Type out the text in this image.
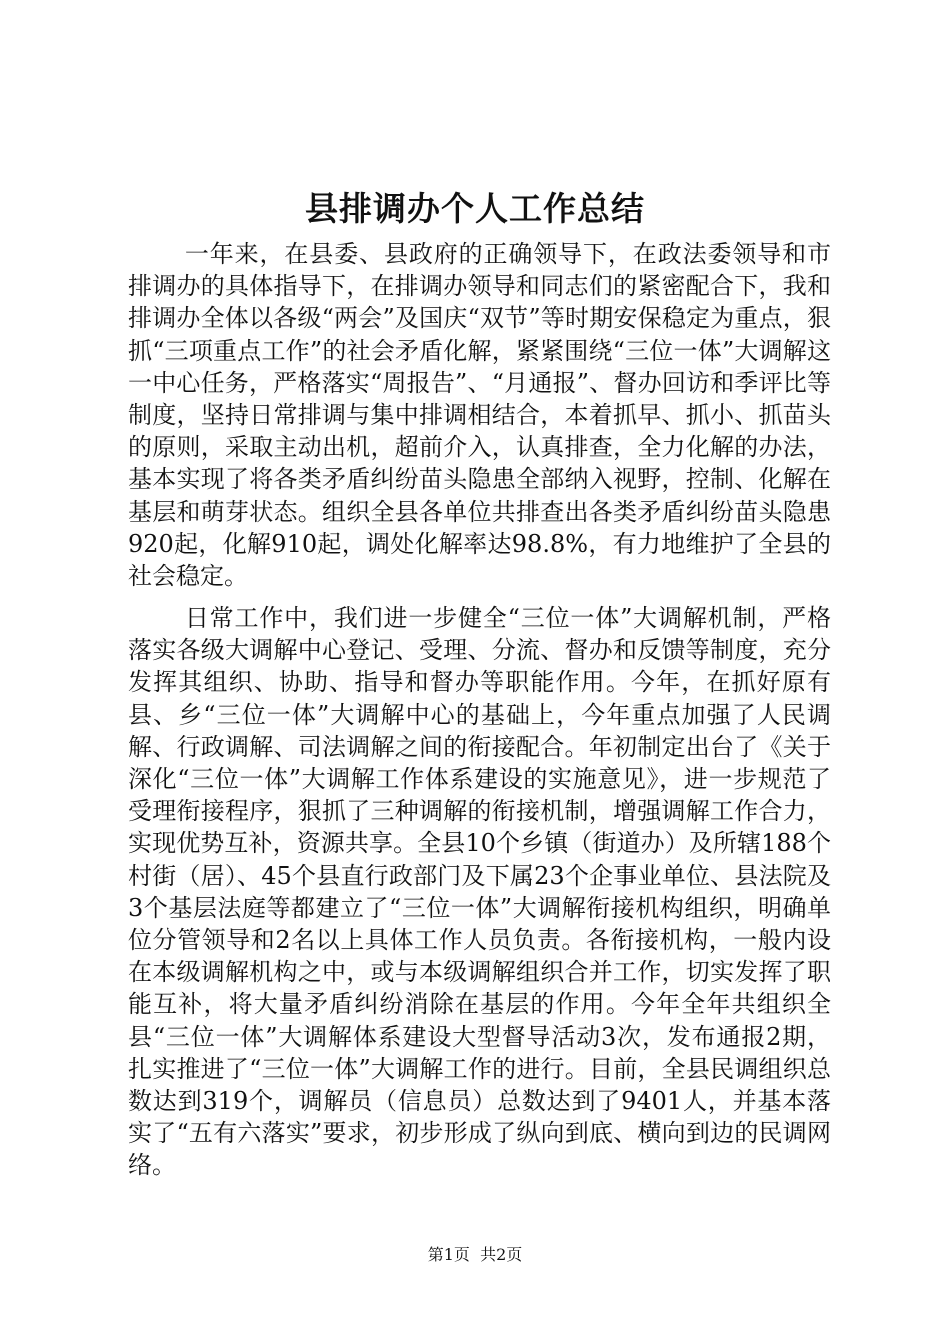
县排调办个人工作总结

一年来，在县委、县政府的正确领导下，在政法委领导和市排调办的具体指导下，在排调办领导和同志们的紧密配合下，我和排调办全体以各级“两会”及国庆“双节”等时期安保稳定为重点，狠抓“三项重点工作”的社会矛盾化解，紧紧围绕“三位一体”大调解这一中心任务，严格落实“周报告”、“月通报”、督办回访和季评比等制度，坚持日常排调与集中排调相结合，本着抓早、抓小、抓苗头的原则，采取主动出机，超前介入，认真排查，全力化解的办法，基本实现了将各类矛盾纠纷苗头隐患全部纳入视野，控制、化解在基层和萌芽状态。组织全县各单位共排查出各类矛盾纠纷苗头隐患920起，化解910起，调处化解率达98.8%，有力地维护了全县的社会稳定。

日常工作中，我们进一步健全“三位一体”大调解机制，严格落实各级大调解中心登记、受理、分流、督办和反馈等制度，充分发挥其组织、协助、指导和督办等职能作用。今年，在抓好原有县、乡“三位一体”大调解中心的基础上，今年重点加强了人民调解、行政调解、司法调解之间的衔接配合。年初制定出台了《关于深化“三位一体”大调解工作体系建设的实施意见》，进一步规范了受理衔接程序，狠抓了三种调解的衔接机制，增强调解工作合力，实现优势互补，资源共享。全县10个乡镇（街道办）及所辖188个村街（居）、45个县直行政部门及下属23个企事业单位、县法院及3个基层法庭等都建立了“三位一体”大调解衔接机构组织，明确单位分管领导和2名以上具体工作人员负责。各衔接机构，一般内设在本级调解机构之中，或与本级调解组织合并工作，切实发挥了职能互补，将大量矛盾纠纷消除在基层的作用。今年全年共组织全县“三位一体”大调解体系建设大型督导活动3次，发布通报2期，扎实推进了“三位一体”大调解工作的进行。目前，全县民调组织总数达到319个，调解员（信息员）总数达到了9401人，并基本落实了“五有六落实”要求，初步形成了纵向到底、横向到边的民调网络。

第1页  共2页
